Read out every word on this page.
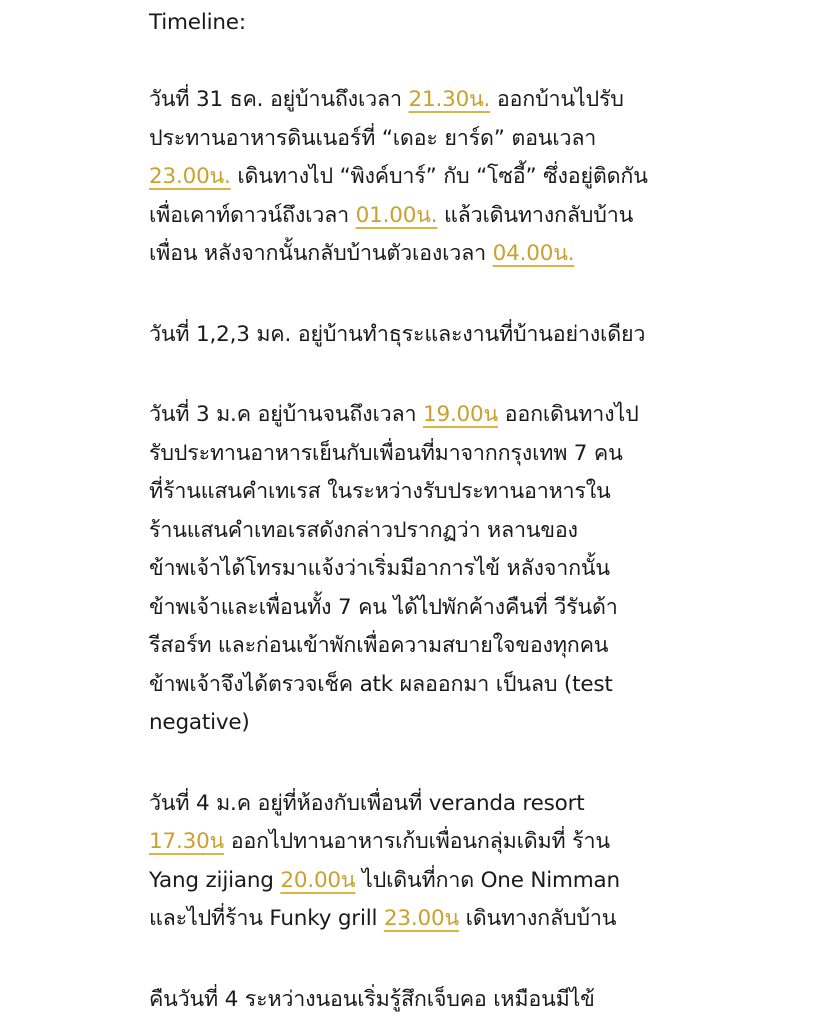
Timeline:
วันที่ 31 ธค. อยู่บ้านถึงเวลา 21.30น. ออกบ้านไปรับ
ประทานอาหารดินเนอร์ที่ “เดอะ ยาร์ด” ตอนเวลา
23.00น. เดินทางไป “พิงค์บาร์” กับ “โซอี้” ซึ่งอยู่ติดกัน
เพื่อเคาท์ดาวน์ถึงเวลา 01.00น. แล้วเดินทางกลับบ้าน
เพื่อน หลังจากนั้นกลับบ้านตัวเองเวลา 04.00น.
วันที่ 1,2,3 มค. อยู่บ้านทำธุระและงานที่บ้านอย่างเดียว
วันที่ 3 ม.ค อยู่บ้านจนถึงเวลา 19.00น ออกเดินทางไป
รับประทานอาหารเย็นกับเพื่อนที่มาจากกรุงเทพ 7 คน
ที่ร้านแสนคำเทเรส ในระหว่างรับประทานอาหารใน
ร้านแสนคำเทอเรสดังกล่าวปรากฏว่า หลานของ
ข้าพเจ้าได้โทรมาแจ้งว่าเริ่มมีอาการไข้ หลังจากนั้น
ข้าพเจ้าและเพื่อนทั้ง 7 คน ได้ไปพักค้างคืนที่ วีรันด้า
รีสอร์ท และก่อนเข้าพักเพื่อความสบายใจของทุกคน
ข้าพเจ้าจึงได้ตรวจเช็ค atk ผลออกมา เป็นลบ (test
negative)
วันที่ 4 ม.ค อยู่ที่ห้องกับเพื่อนที่ veranda resort
17.30น ออกไปทานอาหารเก้บเพื่อนกลุ่มเดิมที่ ร้าน
Yang zijiang 20.00น ไปเดินที่กาด One Nimman
และไปที่ร้าน Funky grill 23.00น เดินทางกลับบ้าน
คืนวันที่ 4 ระหว่างนอนเริ่มรู้สึกเจ็บคอ เหมือนมีไข้
